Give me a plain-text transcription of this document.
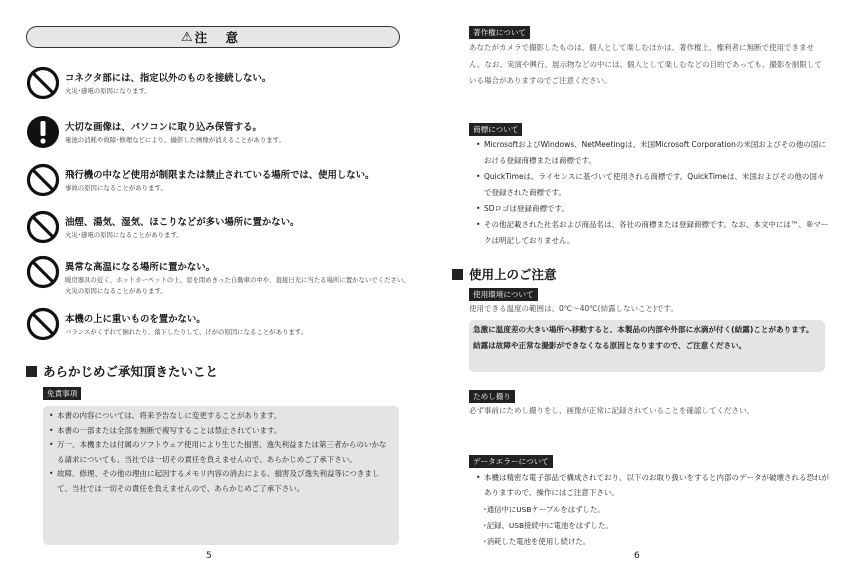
⚠ 注 意
コネクタ部には、指定以外のものを接続しない。
火災･感電の原因になります。
大切な画像は、パソコンに取り込み保管する。
電池の消耗や故障･修理などにより、撮影した画像が消えることがあります。
飛行機の中など使用が制限または禁止されている場所では、使用しない。
事故の原因になることがあります。
油煙、湯気、湿気、ほこりなどが多い場所に置かない。
火災･感電の原因になることがあります。
異常な高温になる場所に置かない。
暖房器具の近く、ホットカーペットの上、窓を閉めきった自動車の中や、直接日光に当たる場所に置かないでください。火災の原因になることがあります。
本機の上に重いものを置かない。
バランスがくずれて倒れたり、落下したりして、けがの原因になることがあります。
あらかじめご承知頂きたいこと
免責事項
• 本書の内容については、将来予告なしに変更することがあります。
• 本書の一部または全部を無断で複写することは禁止されています。
• 万一、本機または付属のソフトウェア使用により生じた損害、逸失利益または第三者からのいかなる請求についても、当社では一切その責任を負えませんので、あらかじめご了承下さい。
• 故障、修理、その他の理由に起因するメモリ内容の消去による、損害及び逸失利益等につきまして、当社では一切その責任を負えませんので、あらかじめご了承下さい。
5
著作権について
あなたがカメラで撮影したものは、個人として楽しむほかは、著作権上、権利者に無断で使用できません。なお、実演や興行、展示物などの中には、個人として楽しむなどの目的であっても、撮影を制限している場合がありますのでご注意ください。
商標について
• MicrosoftおよびWindows、NetMeetingは、米国Microsoft Corporationの米国およびその他の国における登録商標または商標です。
• QuickTimeは、ライセンスに基づいて使用される商標です。QuickTimeは、米国およびその他の国々で登録された商標です。
• SDロゴは登録商標です。
• その他記載された社名および商品名は、各社の商標または登録商標です。なお、本文中には™、®マークは明記しておりません。
使用上のご注意
使用環境について
使用できる温度の範囲は、0℃〜40℃(結露しないこと)です。
急激に温度差の大きい場所へ移動すると、本製品の内部や外部に水滴が付く(結露)ことがあります。結露は故障や正常な撮影ができなくなる原因となりますので、ご注意ください。
ためし撮り
必ず事前にためし撮りをし、画像が正常に記録されていることを確認してください。
データエラーについて
• 本機は精密な電子部品で構成されており、以下のお取り扱いをすると内部のデータが破壊される恐れがありますので、操作にはご注意下さい。
･通信中にUSBケーブルをはずした。
･記録、USB接続中に電池をはずした。
･消耗した電池を使用し続けた。
6
